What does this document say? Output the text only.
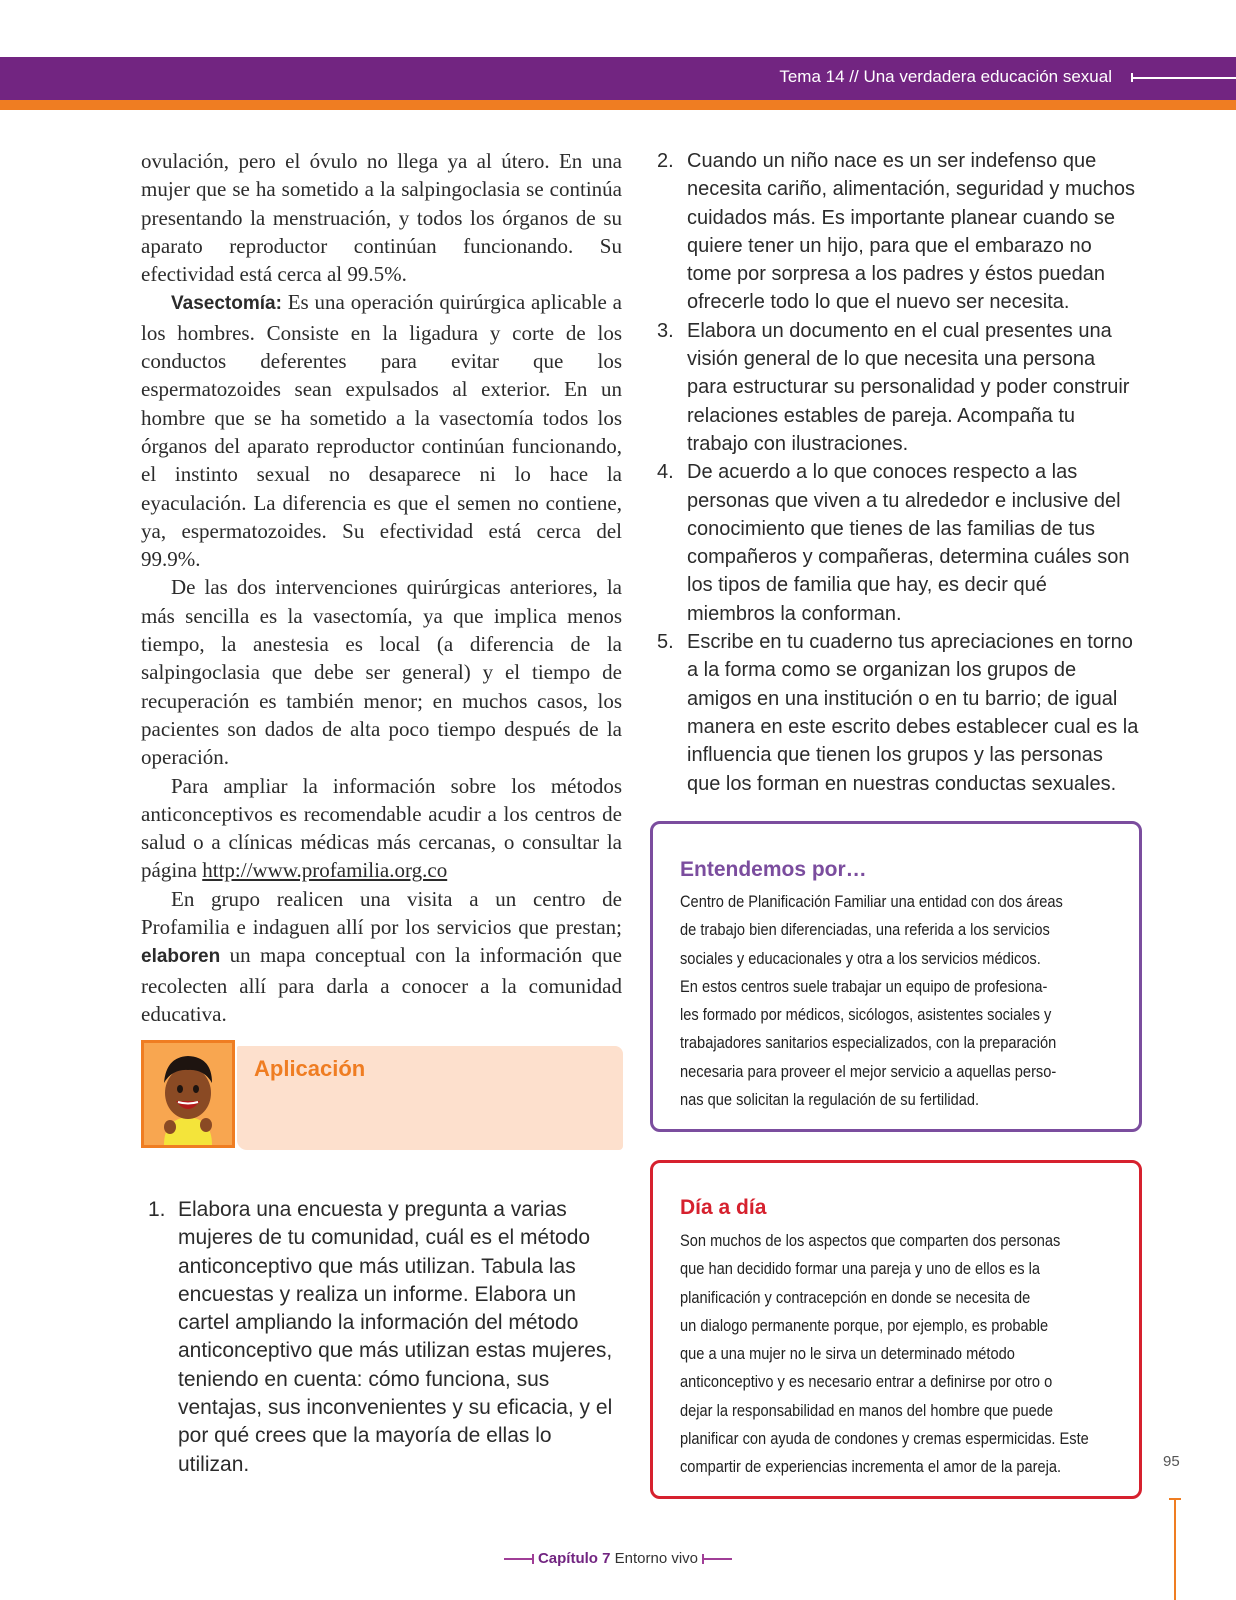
Tema 14 // Una verdadera educación sexual

ovulación, pero el óvulo no llega ya al útero. En una mujer que se ha sometido a la salpingoclasia se continúa presentando la menstruación, y todos los órganos de su aparato reproductor continúan funcionando. Su efectividad está cerca al 99.5%.

Vasectomía: Es una operación quirúrgica aplicable a los hombres. Consiste en la ligadura y corte de los conductos deferentes para evitar que los espermatozoides sean expulsados al exterior. En un hombre que se ha sometido a la vasectomía todos los órganos del aparato reproductor continúan funcionando, el instinto sexual no desaparece ni lo hace la eyaculación. La diferencia es que el semen no contiene, ya, espermatozoides. Su efectividad está cerca del 99.9%.

De las dos intervenciones quirúrgicas anteriores, la más sencilla es la vasectomía, ya que implica menos tiempo, la anestesia es local (a diferencia de la salpingoclasia que debe ser general) y el tiempo de recuperación es también menor; en muchos casos, los pacientes son dados de alta poco tiempo después de la operación.

Para ampliar la información sobre los métodos anticonceptivos es recomendable acudir a los centros de salud o a clínicas médicas más cercanas, o consultar la página http://www.profamilia.org.co

En grupo realicen una visita a un centro de Profamilia e indaguen allí por los servicios que prestan; elaboren un mapa conceptual con la información que recolecten allí para darla a conocer a la comunidad educativa.

Aplicación
1. Elabora una encuesta y pregunta a varias mujeres de tu comunidad, cuál es el método anticonceptivo que más utilizan. Tabula las encuestas y realiza un informe. Elabora un cartel ampliando la información del método anticonceptivo que más utilizan estas mujeres, teniendo en cuenta: cómo funciona, sus ventajas, sus inconvenientes y su eficacia, y el por qué crees que la mayoría de ellas lo utilizan.
2. Cuando un niño nace es un ser indefenso que necesita cariño, alimentación, seguridad y muchos cuidados más. Es importante planear cuando se quiere tener un hijo, para que el embarazo no tome por sorpresa a los padres y éstos puedan ofrecerle todo lo que el nuevo ser necesita.
3. Elabora un documento en el cual presentes una visión general de lo que necesita una persona para estructurar su personalidad y poder construir relaciones estables de pareja. Acompaña tu trabajo con ilustraciones.
4. De acuerdo a lo que conoces respecto a las personas que viven a tu alrededor e inclusive del conocimiento que tienes de las familias de tus compañeros y compañeras, determina cuáles son los tipos de familia que hay, es decir qué miembros la conforman.
5. Escribe en tu cuaderno tus apreciaciones en torno a la forma como se organizan los grupos de amigos en una institución o en tu barrio; de igual manera en este escrito debes establecer cual es la influencia que tienen los grupos y las personas que los forman en nuestras conductas sexuales.
Entendemos por…
Centro de Planificación Familiar una entidad con dos áreas
de trabajo bien diferenciadas, una referida a los servicios
sociales y educacionales y otra a los servicios médicos.
En estos centros suele trabajar un equipo de profesiona-
les formado por médicos, sicólogos, asistentes sociales y
trabajadores sanitarios especializados, con la preparación
necesaria para proveer el mejor servicio a aquellas perso-
nas que solicitan la regulación de su fertilidad.
Día a día
Son muchos de los aspectos que comparten dos personas
que han decidido formar una pareja y uno de ellos es la
planificación y contracepción en donde se necesita de
un dialogo permanente porque, por ejemplo, es probable
que a una mujer no le sirva un determinado método
anticonceptivo y es necesario entrar a definirse por otro o
dejar la responsabilidad en manos del hombre que puede
planificar con ayuda de condones y cremas espermicidas. Este
compartir de experiencias incrementa el amor de la pareja.	95
Capítulo 7 Entorno vivo
